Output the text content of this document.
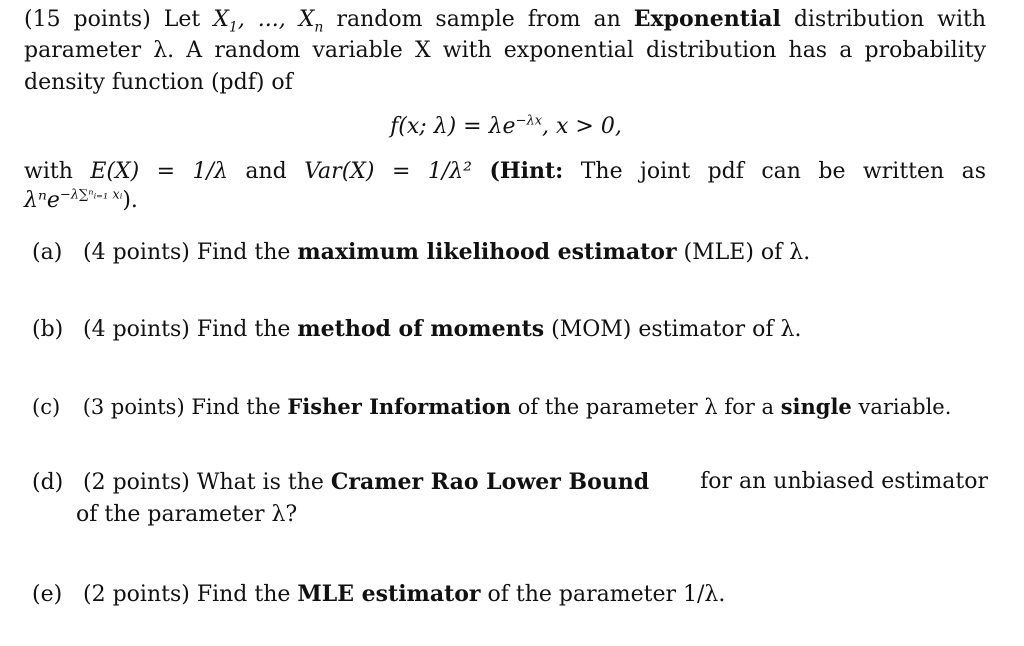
(15 points) Let $X_1$, ..., $X_n$ random sample from an Exponential distribution with
parameter λ. A random variable X with exponential distribution has a probability
density function (pdf) of
f(x; $\lambda) = \lambda e^{-\lambda x}$, x > 0,
with E(X) = 1/λ and Var(X) = 1/λ² (Hint: The joint pdf can be written as
λⁿe$^{-\lambda\sum^nᵢ_{=1} xᵢ}$).
(a) (4 points) Find the maximum likelihood estimator (MLE) of λ.
(b) (4 points) Find the method of moments (MOM) estimator of λ.
(c) (3 points) Find the Fisher Information of the parameter λ for a single variable.
(d) (2 points) What is the Cramer Rao Lower Bound for an unbiased estimator
of the parameter λ?
(e) (2 points) Find the MLE estimator of the parameter 1/λ.
